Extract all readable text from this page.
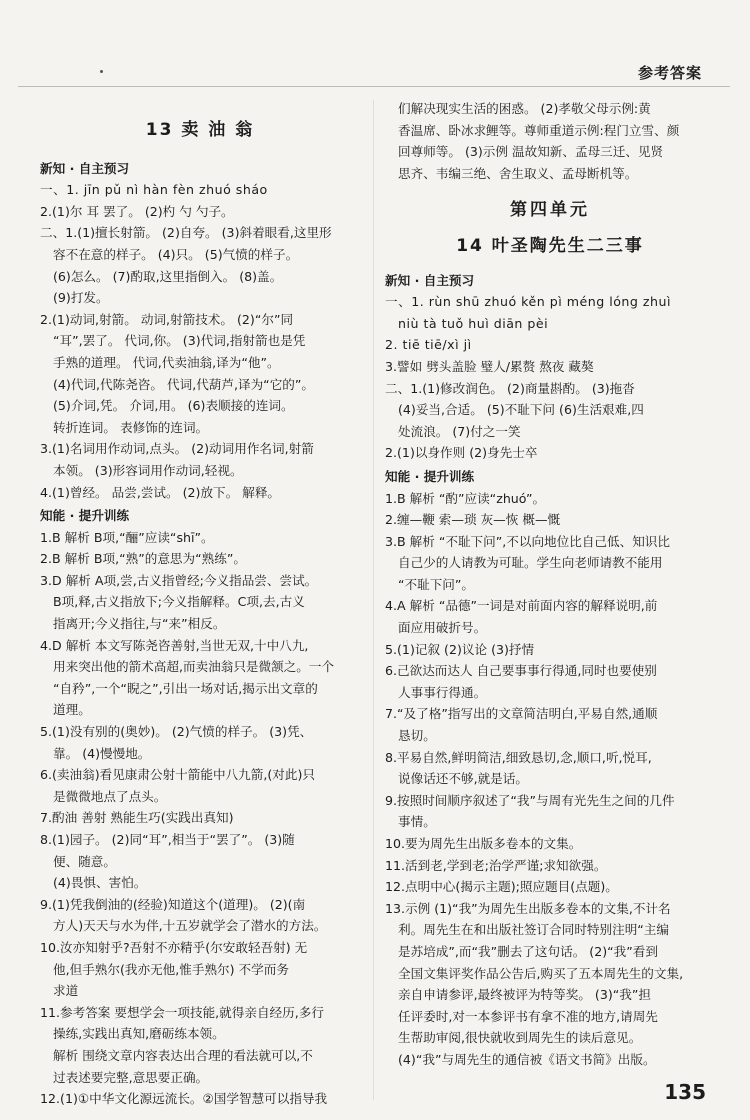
参考答案
13 卖 油 翁
新知 · 自主预习
一、1. jīn pǔ nì hàn fèn zhuó sháo
2.(1)尔 耳 罢了。 (2)杓 勺 勺子。
二、1.(1)擅长射箭。 (2)自夸。 (3)斜着眼看,这里形
容不在意的样子。 (4)只。 (5)气愤的样子。
(6)怎么。 (7)酌取,这里指倒入。 (8)盖。
(9)打发。
2.(1)动词,射箭。 动词,射箭技术。 (2)“尔”同
“耳”,罢了。 代词,你。 (3)代词,指射箭也是凭
手熟的道理。 代词,代卖油翁,译为“他”。
(4)代词,代陈尧咨。 代词,代葫芦,译为“它的”。
(5)介词,凭。 介词,用。 (6)表顺接的连词。
转折连词。 表修饰的连词。
3.(1)名词用作动词,点头。 (2)动词用作名词,射箭
本领。 (3)形容词用作动词,轻视。
4.(1)曾经。 品尝,尝试。 (2)放下。 解释。
知能 · 提升训练
1.B 解析 B项,“酾”应读“shī”。
2.B 解析 B项,“熟”的意思为“熟练”。
3.D 解析 A项,尝,古义指曾经;今义指品尝、尝试。
B项,释,古义指放下;今义指解释。C项,去,古义
指离开;今义指往,与“来”相反。
4.D 解析 本文写陈尧咨善射,当世无双,十中八九,
用来突出他的箭术高超,而卖油翁只是微颔之。一个
“自矜”,一个“睨之”,引出一场对话,揭示出文章的
道理。
5.(1)没有别的(奥妙)。 (2)气愤的样子。 (3)凭、
靠。 (4)慢慢地。
6.(卖油翁)看见康肃公射十箭能中八九箭,(对此)只
是微微地点了点头。
7.酌油 善射 熟能生巧(实践出真知)
8.(1)园子。 (2)同“耳”,相当于“罢了”。 (3)随
便、随意。
(4)畏惧、害怕。
9.(1)凭我倒油的(经验)知道这个(道理)。 (2)(南
方人)天天与水为伴,十五岁就学会了潜水的方法。
10.汝亦知射乎?吾射不亦精乎(尔安敢轻吾射) 无
他,但手熟尔(我亦无他,惟手熟尔) 不学而务
求道
11.参考答案 要想学会一项技能,就得亲自经历,多行
操练,实践出真知,磨砺练本领。
解析 围绕文章内容表达出合理的看法就可以,不
过表述要完整,意思要正确。
12.(1)①中华文化源远流长。②国学智慧可以指导我
们解决现实生活的困惑。 (2)孝敬父母示例:黄
香温席、卧冰求鲤等。尊师重道示例:程门立雪、颜
回尊师等。 (3)示例 温故知新、孟母三迁、见贤
思齐、韦编三绝、舍生取义、孟母断机等。
第四单元
14 叶圣陶先生二三事
新知 · 自主预习
一、1. rùn shū zhuó kěn pì méng lóng zhuì
niù tà tuǒ huì diān pèi
2. tiē tiē/xì jì
3.譬如 劈头盖脸 璧人/累赘 熬夜 藏獒
二、1.(1)修改润色。 (2)商量斟酌。 (3)拖沓
(4)妥当,合适。 (5)不耻下问 (6)生活艰难,四
处流浪。 (7)付之一笑
2.(1)以身作则 (2)身先士卒
知能 · 提升训练
1.B 解析 “酌”应读“zhuó”。
2.缠—鞭 索—琐 灰—恢 概—慨
3.B 解析 “不耻下问”,不以向地位比自己低、知识比
自己少的人请教为可耻。学生向老师请教不能用
“不耻下问”。
4.A 解析 “品德”一词是对前面内容的解释说明,前
面应用破折号。
5.(1)记叙 (2)议论 (3)抒情
6.己欲达而达人 自己要事事行得通,同时也要使别
人事事行得通。
7.“及了格”指写出的文章简洁明白,平易自然,通顺
恳切。
8.平易自然,鲜明简洁,细致恳切,念,顺口,听,悦耳,
说像话还不够,就是话。
9.按照时间顺序叙述了“我”与周有光先生之间的几件
事情。
10.要为周先生出版多卷本的文集。
11.活到老,学到老;治学严谨;求知欲强。
12.点明中心(揭示主题);照应题目(点题)。
13.示例 (1)“我”为周先生出版多卷本的文集,不计名
利。周先生在和出版社签订合同时特别注明“主编
是苏培成”,而“我”删去了这句话。 (2)“我”看到
全国文集评奖作品公告后,购买了五本周先生的文集,
亲自申请参评,最终被评为特等奖。 (3)“我”担
任评委时,对一本参评书有拿不准的地方,请周先
生帮助审阅,很快就收到周先生的读后意见。
(4)“我”与周先生的通信被《语文书简》出版。
135
